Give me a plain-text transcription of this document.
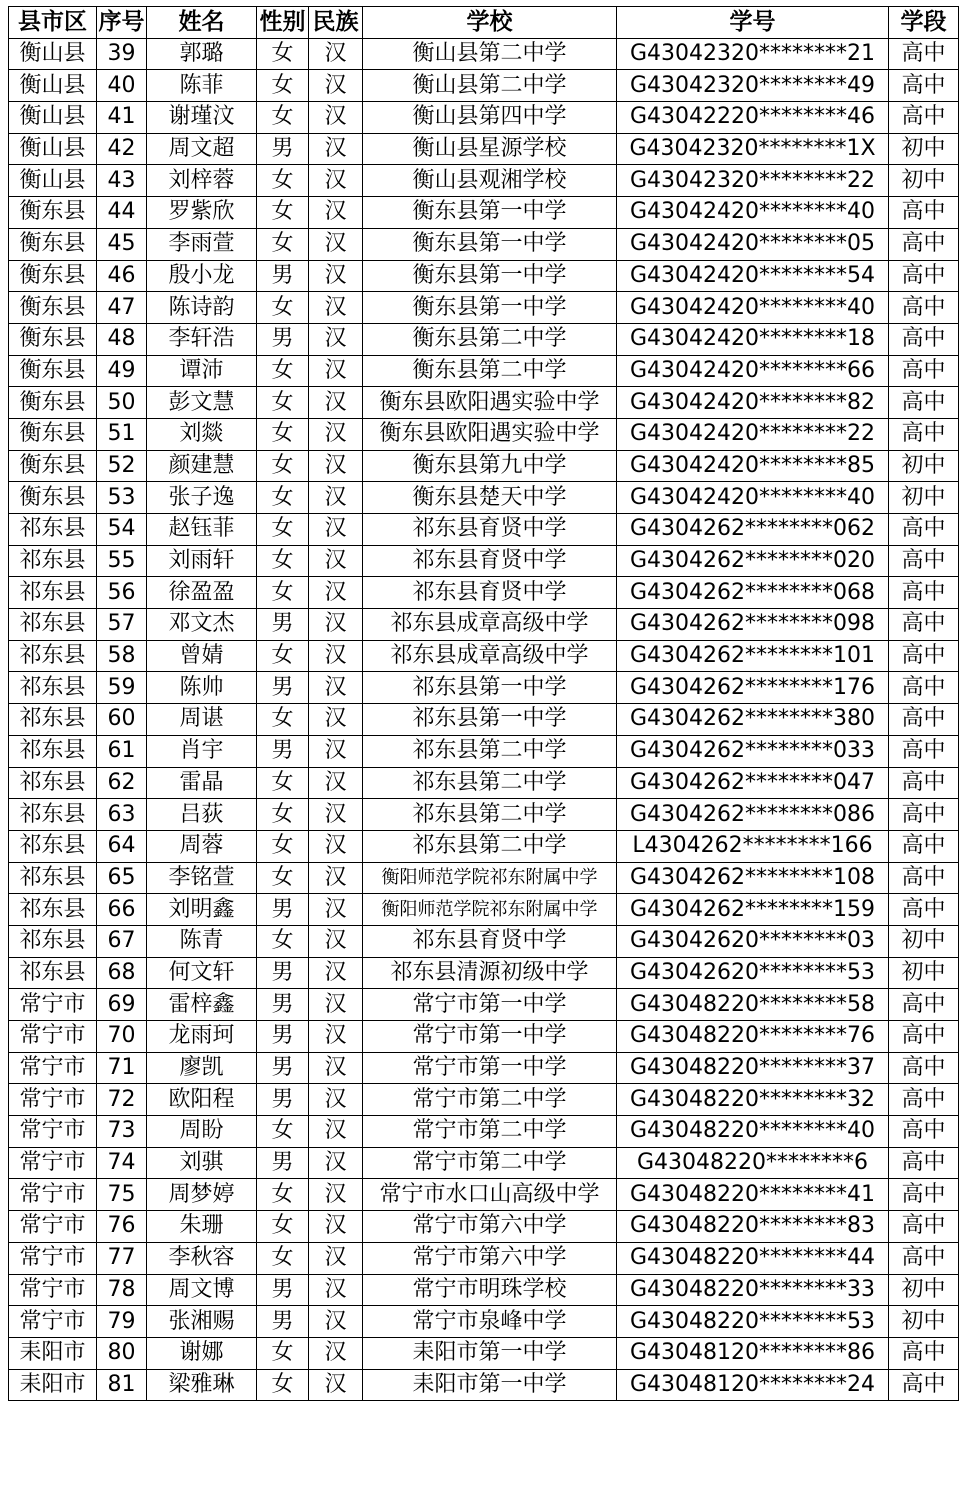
县市区	序号	姓名	性别	民族	学校	学号	学段
衡山县	39	郭璐	女	汉	衡山县第二中学	G43042320********21	高中
衡山县	40	陈菲	女	汉	衡山县第二中学	G43042320********49	高中
衡山县	41	谢瑾汶	女	汉	衡山县第四中学	G43042220********46	高中
衡山县	42	周文超	男	汉	衡山县星源学校	G43042320********1X	初中
衡山县	43	刘梓蓉	女	汉	衡山县观湘学校	G43042320********22	初中
衡东县	44	罗紫欣	女	汉	衡东县第一中学	G43042420********40	高中
衡东县	45	李雨萱	女	汉	衡东县第一中学	G43042420********05	高中
衡东县	46	殷小龙	男	汉	衡东县第一中学	G43042420********54	高中
衡东县	47	陈诗韵	女	汉	衡东县第一中学	G43042420********40	高中
衡东县	48	李轩浩	男	汉	衡东县第二中学	G43042420********18	高中
衡东县	49	谭沛	女	汉	衡东县第二中学	G43042420********66	高中
衡东县	50	彭文慧	女	汉	衡东县欧阳遇实验中学	G43042420********82	高中
衡东县	51	刘燚	女	汉	衡东县欧阳遇实验中学	G43042420********22	高中
衡东县	52	颜建慧	女	汉	衡东县第九中学	G43042420********85	初中
衡东县	53	张子逸	女	汉	衡东县楚天中学	G43042420********40	初中
祁东县	54	赵钰菲	女	汉	祁东县育贤中学	G4304262********062	高中
祁东县	55	刘雨轩	女	汉	祁东县育贤中学	G4304262********020	高中
祁东县	56	徐盈盈	女	汉	祁东县育贤中学	G4304262********068	高中
祁东县	57	邓文杰	男	汉	祁东县成章高级中学	G4304262********098	高中
祁东县	58	曾婧	女	汉	祁东县成章高级中学	G4304262********101	高中
祁东县	59	陈帅	男	汉	祁东县第一中学	G4304262********176	高中
祁东县	60	周谌	女	汉	祁东县第一中学	G4304262********380	高中
祁东县	61	肖宇	男	汉	祁东县第二中学	G4304262********033	高中
祁东县	62	雷晶	女	汉	祁东县第二中学	G4304262********047	高中
祁东县	63	吕荻	女	汉	祁东县第二中学	G4304262********086	高中
祁东县	64	周蓉	女	汉	祁东县第二中学	L4304262********166	高中
祁东县	65	李铭萱	女	汉	衡阳师范学院祁东附属中学	G4304262********108	高中
祁东县	66	刘明鑫	男	汉	衡阳师范学院祁东附属中学	G4304262********159	高中
祁东县	67	陈青	女	汉	祁东县育贤中学	G43042620********03	初中
祁东县	68	何文轩	男	汉	祁东县清源初级中学	G43042620********53	初中
常宁市	69	雷梓鑫	男	汉	常宁市第一中学	G43048220********58	高中
常宁市	70	龙雨珂	男	汉	常宁市第一中学	G43048220********76	高中
常宁市	71	廖凯	男	汉	常宁市第一中学	G43048220********37	高中
常宁市	72	欧阳程	男	汉	常宁市第二中学	G43048220********32	高中
常宁市	73	周盼	女	汉	常宁市第二中学	G43048220********40	高中
常宁市	74	刘骐	男	汉	常宁市第二中学	G43048220********6	高中
常宁市	75	周梦婷	女	汉	常宁市水口山高级中学	G43048220********41	高中
常宁市	76	朱珊	女	汉	常宁市第六中学	G43048220********83	高中
常宁市	77	李秋容	女	汉	常宁市第六中学	G43048220********44	高中
常宁市	78	周文博	男	汉	常宁市明珠学校	G43048220********33	初中
常宁市	79	张湘赐	男	汉	常宁市泉峰中学	G43048220********53	初中
耒阳市	80	谢娜	女	汉	耒阳市第一中学	G43048120********86	高中
耒阳市	81	梁雅琳	女	汉	耒阳市第一中学	G43048120********24	高中
